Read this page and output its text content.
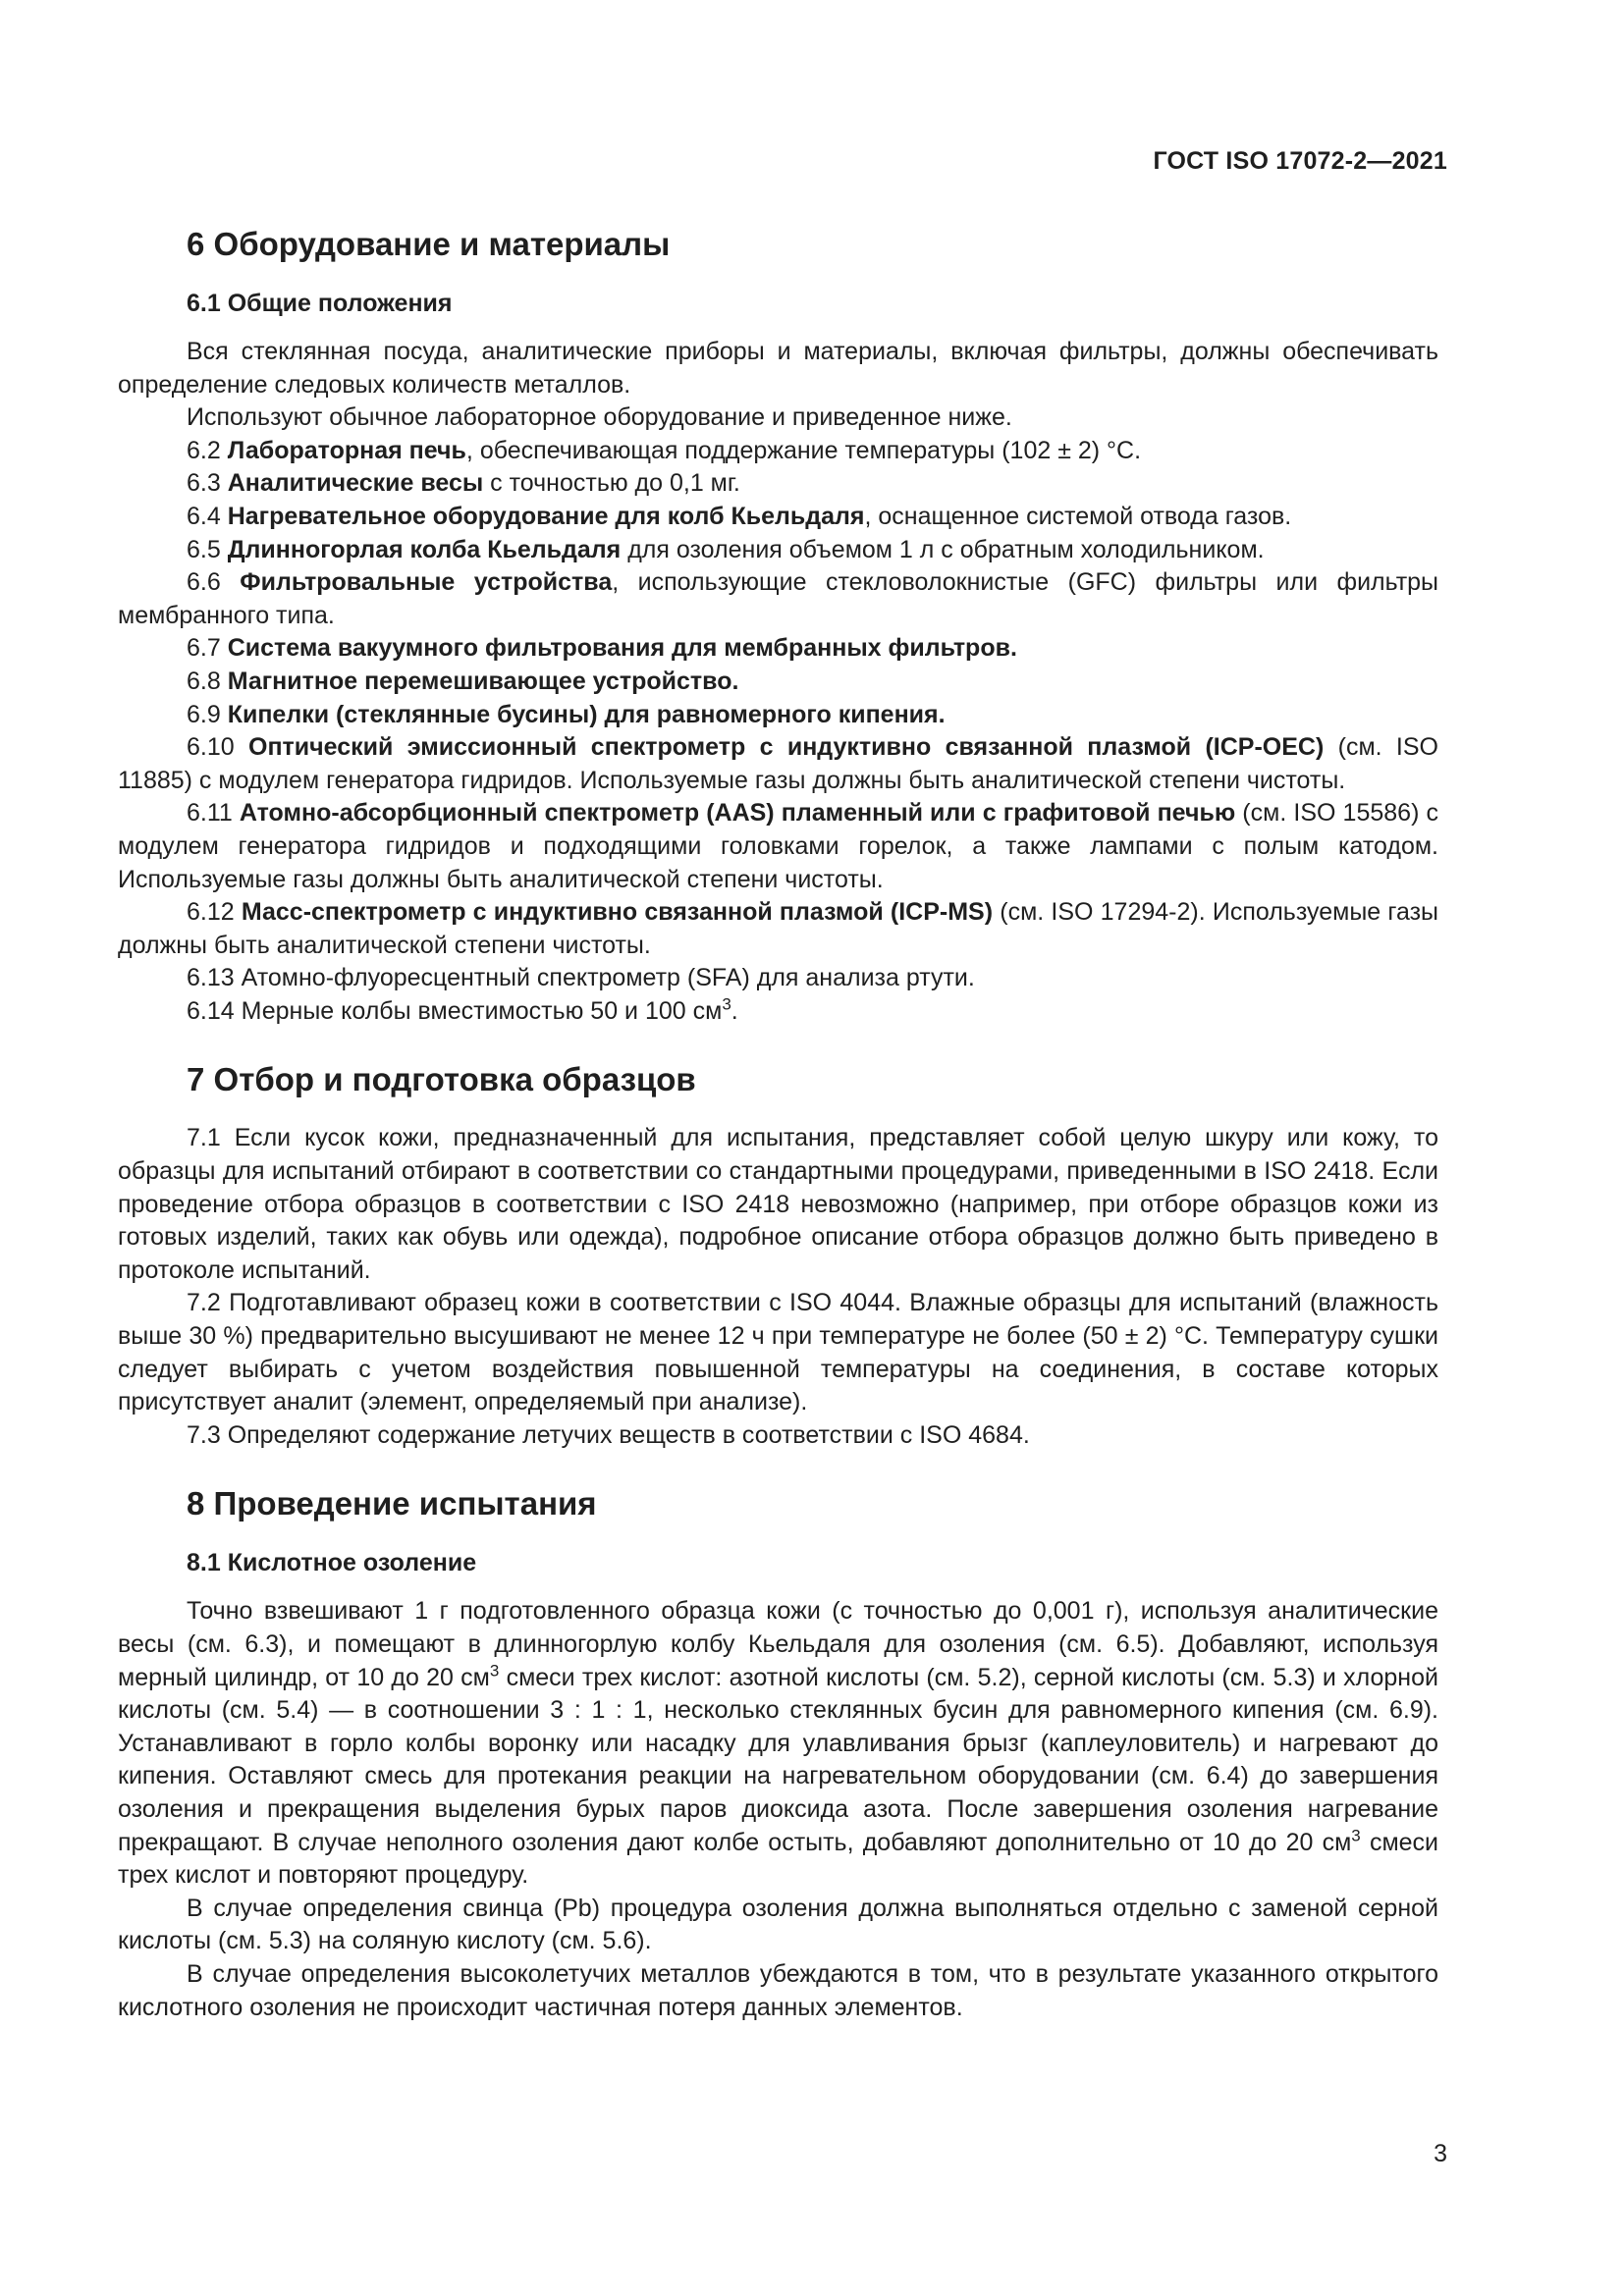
ГОСТ ISO 17072-2—2021
6 Оборудование и материалы
6.1 Общие положения

Вся стеклянная посуда, аналитические приборы и материалы, включая фильтры, должны обеспечивать определение следовых количеств металлов.

Используют обычное лабораторное оборудование и приведенное ниже.

6.2 Лабораторная печь, обеспечивающая поддержание температуры (102 ± 2) °С.

6.3 Аналитические весы с точностью до 0,1 мг.

6.4 Нагревательное оборудование для колб Кьельдаля, оснащенное системой отвода газов.

6.5 Длинногорлая колба Кьельдаля для озоления объемом 1 л с обратным холодильником.

6.6 Фильтровальные устройства, использующие стекловолокнистые (GFC) фильтры или фильтры мембранного типа.

6.7 Система вакуумного фильтрования для мембранных фильтров.

6.8 Магнитное перемешивающее устройство.

6.9 Кипелки (стеклянные бусины) для равномерного кипения.

6.10 Оптический эмиссионный спектрометр с индуктивно связанной плазмой (ICP-OEC) (см. ISO 11885) с модулем генератора гидридов. Используемые газы должны быть аналитической степени чистоты.

6.11 Атомно-абсорбционный спектрометр (AAS) пламенный или с графитовой печью (см. ISO 15586) с модулем генератора гидридов и подходящими головками горелок, а также лампами с полым катодом. Используемые газы должны быть аналитической степени чистоты.

6.12 Масс-спектрометр с индуктивно связанной плазмой (ICP-MS) (см. ISO 17294-2). Используемые газы должны быть аналитической степени чистоты.

6.13 Атомно-флуоресцентный спектрометр (SFA) для анализа ртути.

6.14 Мерные колбы вместимостью 50 и 100 $см^3$.

7 Отбор и подготовка образцов

7.1 Если кусок кожи, предназначенный для испытания, представляет собой целую шкуру или кожу, то образцы для испытаний отбирают в соответствии со стандартными процедурами, приведенными в ISO 2418. Если проведение отбора образцов в соответствии с ISO 2418 невозможно (например, при отборе образцов кожи из готовых изделий, таких как обувь или одежда), подробное описание отбора образцов должно быть приведено в протоколе испытаний.

7.2 Подготавливают образец кожи в соответствии с ISO 4044. Влажные образцы для испытаний (влажность выше 30 %) предварительно высушивают не менее 12 ч при температуре не более (50 ± 2) °С. Температуру сушки следует выбирать с учетом воздействия повышенной температуры на соединения, в составе которых присутствует аналит (элемент, определяемый при анализе).

7.3 Определяют содержание летучих веществ в соответствии с ISO 4684.

8 Проведение испытания
8.1 Кислотное озоление

Точно взвешивают 1 г подготовленного образца кожи (с точностью до 0,001 г), используя аналитические весы (см. 6.3), и помещают в длинногорлую колбу Кьельдаля для озоления (см. 6.5). Добавляют, используя мерный цилиндр, от 10 до 20 $см^3$ смеси трех кислот: азотной кислоты (см. 5.2), серной кислоты (см. 5.3) и хлорной кислоты (см. 5.4) — в соотношении 3 : 1 : 1, несколько стеклянных бусин для равномерного кипения (см. 6.9). Устанавливают в горло колбы воронку или насадку для улавливания брызг (каплеуловитель) и нагревают до кипения. Оставляют смесь для протекания реакции на нагревательном оборудовании (см. 6.4) до завершения озоления и прекращения выделения бурых паров диоксида азота. После завершения озоления нагревание прекращают. В случае неполного озоления дают колбе остыть, добавляют дополнительно от 10 до 20 $см^3$ смеси трех кислот и повторяют процедуру.

В случае определения свинца (Pb) процедура озоления должна выполняться отдельно с заменой серной кислоты (см. 5.3) на соляную кислоту (см. 5.6).

В случае определения высоколетучих металлов убеждаются в том, что в результате указанного открытого кислотного озоления не происходит частичная потеря данных элементов.

3
